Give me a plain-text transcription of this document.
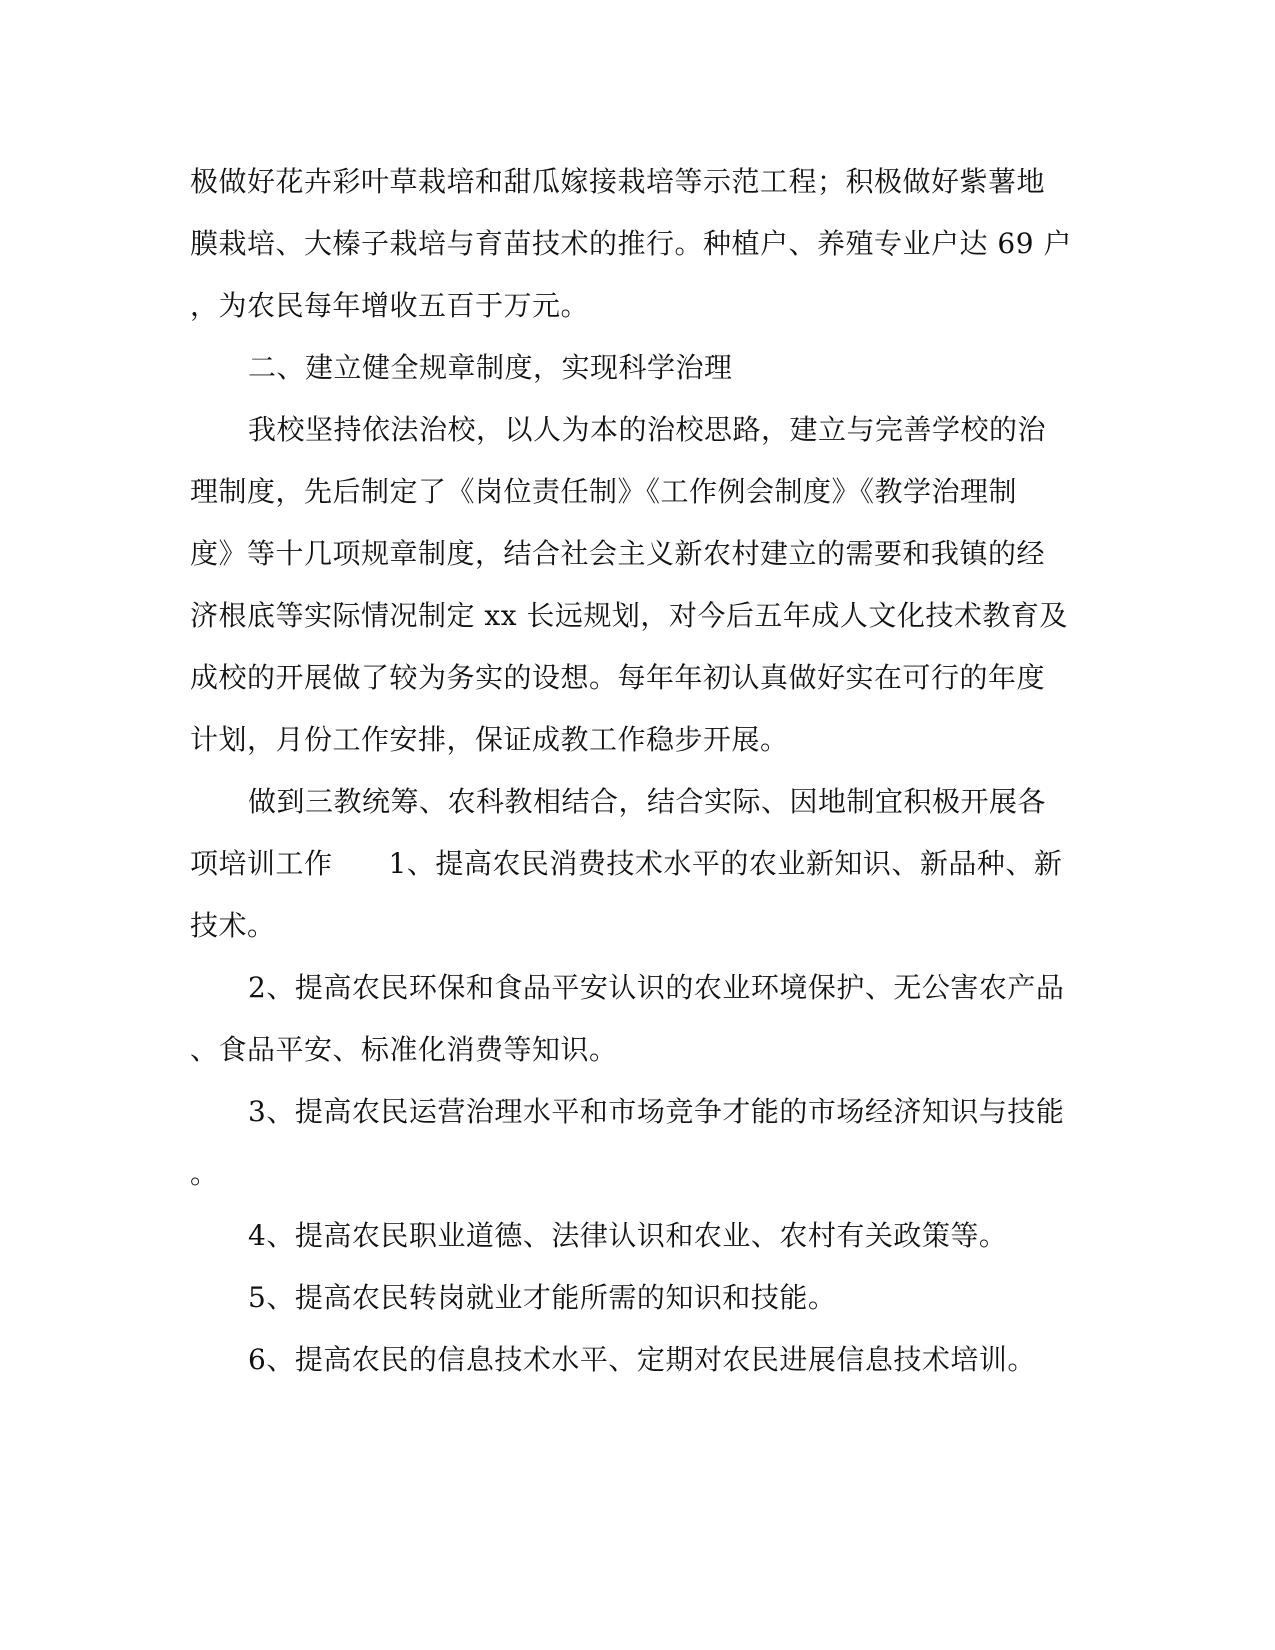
极做好花卉彩叶草栽培和甜瓜嫁接栽培等示范工程；积极做好紫薯地

膜栽培、大榛子栽培与育苗技术的推行。种植户、养殖专业户达 69 户

，为农民每年增收五百于万元。

二、建立健全规章制度，实现科学治理

我校坚持依法治校，以人为本的治校思路，建立与完善学校的治

理制度，先后制定了《岗位责任制》《工作例会制度》《教学治理制

度》等十几项规章制度，结合社会主义新农村建立的需要和我镇的经

济根底等实际情况制定 xx 长远规划，对今后五年成人文化技术教育及

成校的开展做了较为务实的设想。每年年初认真做好实在可行的年度

计划，月份工作安排，保证成教工作稳步开展。

做到三教统筹、农科教相结合，结合实际、因地制宜积极开展各

项培训工作 1、提高农民消费技术水平的农业新知识、新品种、新

技术。

2、提高农民环保和食品平安认识的农业环境保护、无公害农产品

、食品平安、标准化消费等知识。

3、提高农民运营治理水平和市场竞争才能的市场经济知识与技能

。

4、提高农民职业道德、法律认识和农业、农村有关政策等。

5、提高农民转岗就业才能所需的知识和技能。

6、提高农民的信息技术水平、定期对农民进展信息技术培训。
